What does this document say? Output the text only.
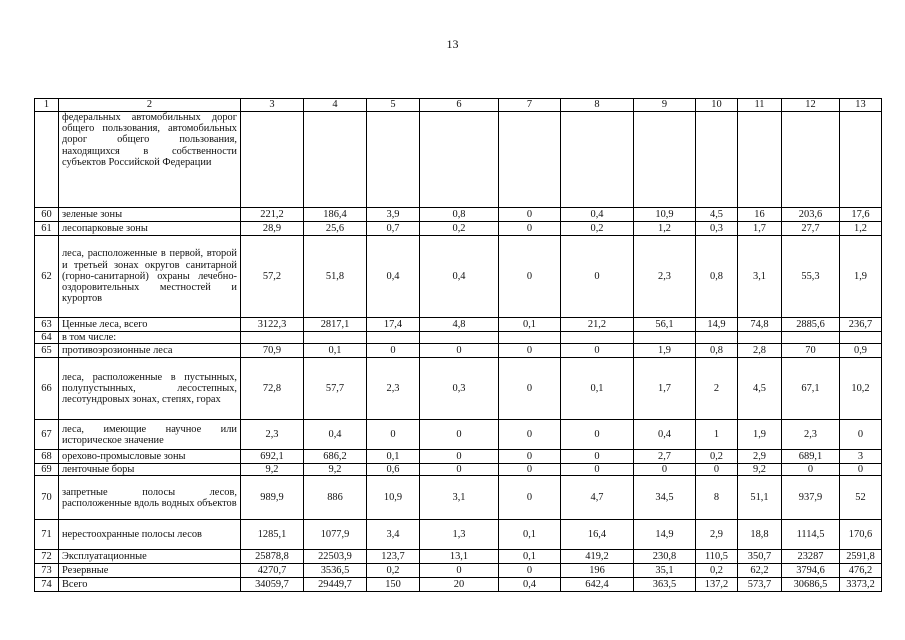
13
1	2	3	4	5	6	7	8	9	10	11	12	13
	федеральных автомобильных дорог общего пользования, автомобильных дорог общего пользования, находящихся в собственности субъектов Российской Федерации											
60	зеленые зоны	221,2	186,4	3,9	0,8	0	0,4	10,9	4,5	16	203,6	17,6
61	лесопарковые зоны	28,9	25,6	0,7	0,2	0	0,2	1,2	0,3	1,7	27,7	1,2
62	леса, расположенные в первой, второй и третьей зонах округов санитарной (горно-санитарной) охраны лечебно-оздоровительных местностей и курортов	57,2	51,8	0,4	0,4	0	0	2,3	0,8	3,1	55,3	1,9
63	Ценные леса, всего	3122,3	2817,1	17,4	4,8	0,1	21,2	56,1	14,9	74,8	2885,6	236,7
64	в том числе:											
65	противоэрозионные леса	70,9	0,1	0	0	0	0	1,9	0,8	2,8	70	0,9
66	леса, расположенные в пустынных, полупустынных, лесостепных, лесотундровых зонах, степях, горах	72,8	57,7	2,3	0,3	0	0,1	1,7	2	4,5	67,1	10,2
67	леса, имеющие научное или историческое значение	2,3	0,4	0	0	0	0	0,4	1	1,9	2,3	0
68	орехово-промысловые зоны	692,1	686,2	0,1	0	0	0	2,7	0,2	2,9	689,1	3
69	ленточные боры	9,2	9,2	0,6	0	0	0	0	0	9,2	0	0
70	запретные полосы лесов, расположенные вдоль водных объектов	989,9	886	10,9	3,1	0	4,7	34,5	8	51,1	937,9	52
71	нерестоохранные полосы лесов	1285,1	1077,9	3,4	1,3	0,1	16,4	14,9	2,9	18,8	1114,5	170,6
72	Эксплуатационные	25878,8	22503,9	123,7	13,1	0,1	419,2	230,8	110,5	350,7	23287	2591,8
73	Резервные	4270,7	3536,5	0,2	0	0	196	35,1	0,2	62,2	3794,6	476,2
74	Всего	34059,7	29449,7	150	20	0,4	642,4	363,5	137,2	573,7	30686,5	3373,2
